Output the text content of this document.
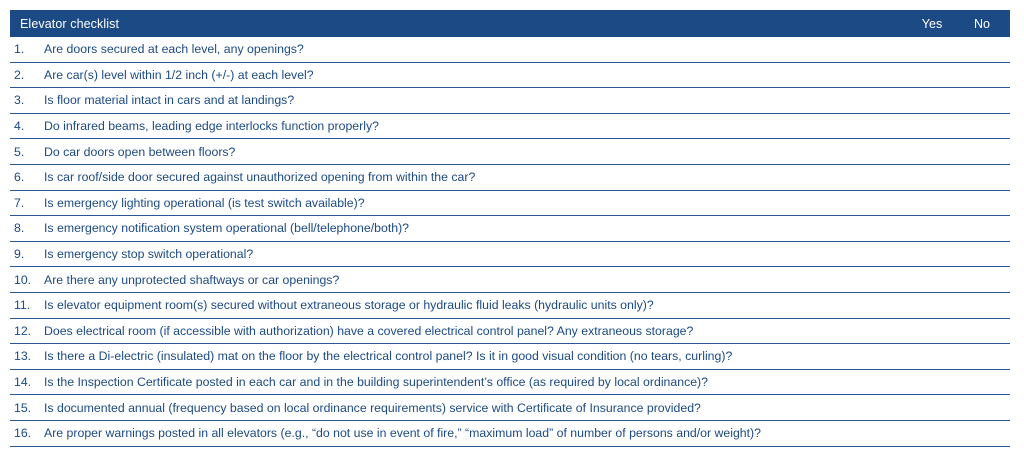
Elevator checklist	Yes	No
1.	Are doors secured at each level, any openings?
2.	Are car(s) level within 1/2 inch (+/-) at each level?
3.	Is floor material intact in cars and at landings?
4.	Do infrared beams, leading edge interlocks function properly?
5.	Do car doors open between floors?
6.	Is car roof/side door secured against unauthorized opening from within the car?
7.	Is emergency lighting operational (is test switch available)?
8.	Is emergency notification system operational (bell/telephone/both)?
9.	Is emergency stop switch operational?
10.	Are there any unprotected shaftways or car openings?
11.	Is elevator equipment room(s) secured without extraneous storage or hydraulic fluid leaks (hydraulic units only)?
12.	Does electrical room (if accessible with authorization) have a covered electrical control panel? Any extraneous storage?
13.	Is there a Di-electric (insulated) mat on the floor by the electrical control panel? Is it in good visual condition (no tears, curling)?
14.	Is the Inspection Certificate posted in each car and in the building superintendent’s office (as required by local ordinance)?
15.	Is documented annual (frequency based on local ordinance requirements) service with Certificate of Insurance provided?
16.	Are proper warnings posted in all elevators (e.g., “do not use in event of fire,” “maximum load” of number of persons and/or weight)?
